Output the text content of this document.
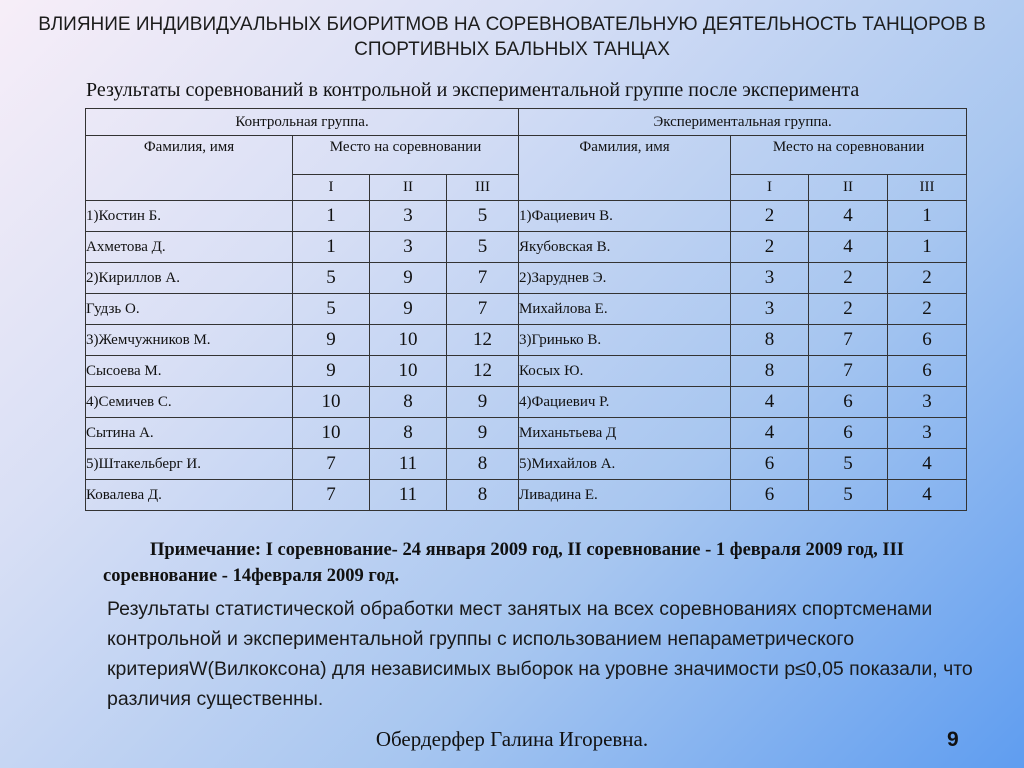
ВЛИЯНИЕ ИНДИВИДУАЛЬНЫХ БИОРИТМОВ НА СОРЕВНОВАТЕЛЬНУЮ ДЕЯТЕЛЬНОСТЬ ТАНЦОРОВ В СПОРТИВНЫХ БАЛЬНЫХ ТАНЦАХ

Результаты соревнований в контрольной и экспериментальной группе после эксперимента

Контрольная группа.				Экспериментальная группа.			
Фамилия, имя	Место на соревновании			Фамилия, имя	Место на соревновании		
	I	II	III		I	II	III
1)Костин Б.	1	3	5	1)Фациевич В.	2	4	1
Ахметова Д.	1	3	5	Якубовская В.	2	4	1
2)Кириллов А.	5	9	7	2)Заруднев Э.	3	2	2
Гудзь О.	5	9	7	Михайлова Е.	3	2	2
3)Жемчужников М.	9	10	12	3)Гринько В.	8	7	6
Сысоева М.	9	10	12	Косых Ю.	8	7	6
4)Семичев С.	10	8	9	4)Фациевич Р.	4	6	3
Сытина А.	10	8	9	Миханьтьева Д	4	6	3
5)Штакельберг И.	7	11	8	5)Михайлов А.	6	5	4
Ковалева Д.	7	11	8	Ливадина Е.	6	5	4

Примечание: I соревнование- 24 января 2009 год, II соревнование - 1 февраля 2009 год, III соревнование - 14февраля 2009 год.

Результаты статистической обработки мест занятых на всех соревнованиях спортсменами контрольной и экспериментальной группы с использованием непараметрического критерияW(Вилкоксона) для независимых выборок на уровне значимости р≤0,05 показали, что различия существенны.

Обердерфер Галина Игоревна.	9
